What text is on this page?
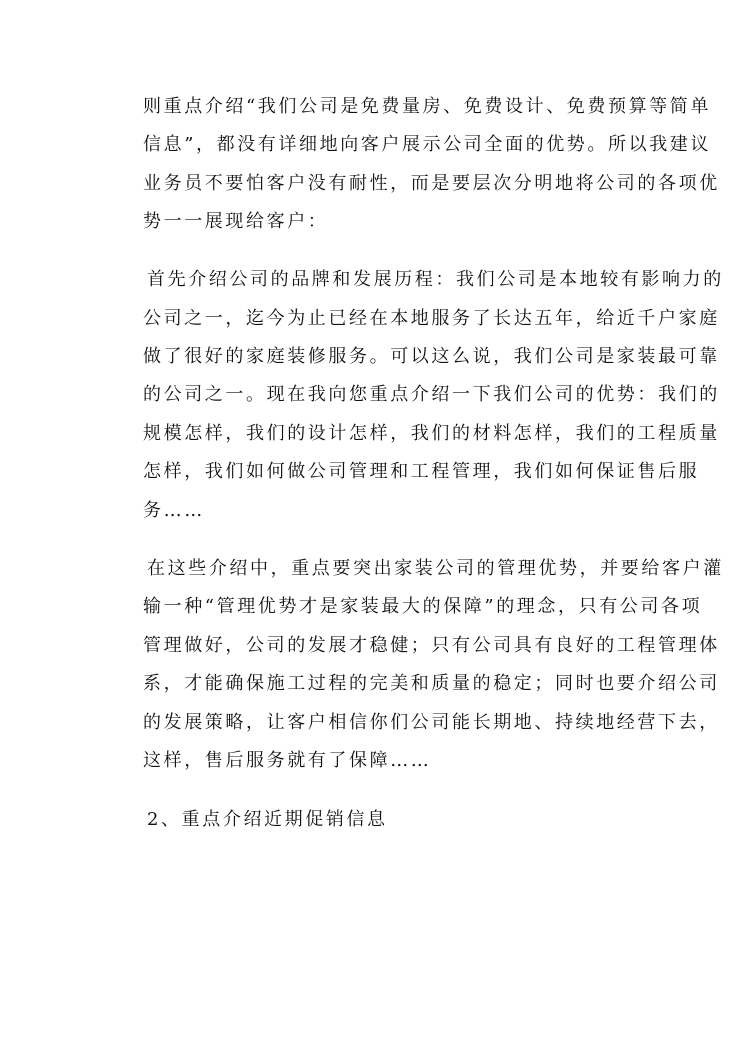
则重点介绍“我们公司是免费量房、免费设计、免费预算等简单
信息”，都没有详细地向客户展示公司全面的优势。所以我建议
业务员不要怕客户没有耐性，而是要层次分明地将公司的各项优
势一一展现给客户：
首先介绍公司的品牌和发展历程：我们公司是本地较有影响力的
公司之一，迄今为止已经在本地服务了长达五年，给近千户家庭
做了很好的家庭装修服务。可以这么说，我们公司是家装最可靠
的公司之一。现在我向您重点介绍一下我们公司的优势：我们的
规模怎样，我们的设计怎样，我们的材料怎样，我们的工程质量
怎样，我们如何做公司管理和工程管理，我们如何保证售后服
务……
在这些介绍中，重点要突出家装公司的管理优势，并要给客户灌
输一种“管理优势才是家装最大的保障”的理念，只有公司各项
管理做好，公司的发展才稳健；只有公司具有良好的工程管理体
系，才能确保施工过程的完美和质量的稳定；同时也要介绍公司
的发展策略，让客户相信你们公司能长期地、持续地经营下去，
这样，售后服务就有了保障……
2、重点介绍近期促销信息
